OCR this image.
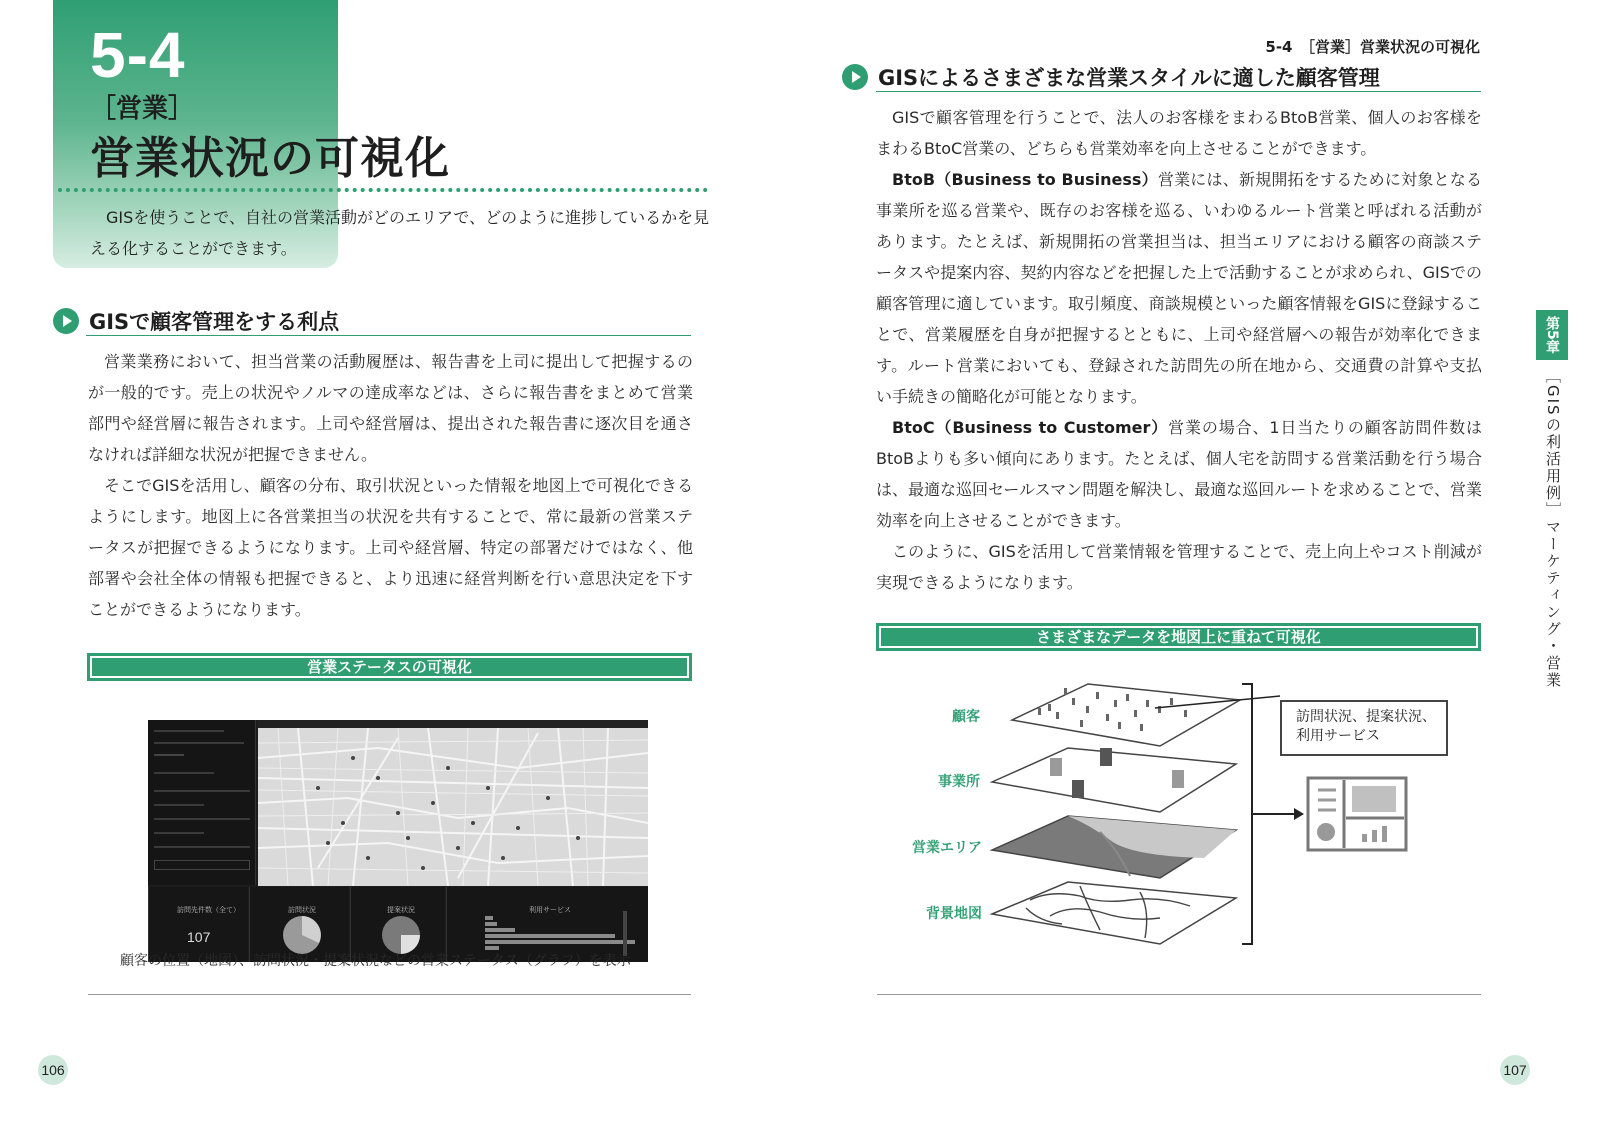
5-4
［営業］
営業状況の可視化
GISを使うことで、自社の営業活動がどのエリアで、どのように進捗しているかを見える化することができます。
GISで顧客管理をする利点

営業業務において、担当営業の活動履歴は、報告書を上司に提出して把握するのが一般的です。売上の状況やノルマの達成率などは、さらに報告書をまとめて営業部門や経営層に報告されます。上司や経営層は、提出された報告書に逐次目を通さなければ詳細な状況が把握できません。

そこでGISを活用し、顧客の分布、取引状況といった情報を地図上で可視化できるようにします。地図上に各営業担当の状況を共有することで、常に最新の営業ステータスが把握できるようになります。上司や経営層、特定の部署だけではなく、他部署や会社全体の情報も把握できると、より迅速に経営判断を行い意思決定を下すことができるようになります。

営業ステータスの可視化
訪問先件数（全て）
107
訪問状況	提案状況	利用サービス
顧客の位置（地図）、訪問状況・提案状況などの営業ステータス（グラフ）を表示
106
5-4　［営業］営業状況の可視化
GISによるさまざまな営業スタイルに適した顧客管理

GISで顧客管理を行うことで、法人のお客様をまわるBtoB営業、個人のお客様をまわるBtoC営業の、どちらも営業効率を向上させることができます。

BtoB（Business to Business）営業には、新規開拓をするために対象となる事業所を巡る営業や、既存のお客様を巡る、いわゆるルート営業と呼ばれる活動があります。たとえば、新規開拓の営業担当は、担当エリアにおける顧客の商談ステータスや提案内容、契約内容などを把握した上で活動することが求められ、GISでの顧客管理に適しています。取引頻度、商談規模といった顧客情報をGISに登録することで、営業履歴を自身が把握するとともに、上司や経営層への報告が効率化できます。ルート営業においても、登録された訪問先の所在地から、交通費の計算や支払い手続きの簡略化が可能となります。

BtoC（Business to Customer）営業の場合、1日当たりの顧客訪問件数はBtoBよりも多い傾向にあります。たとえば、個人宅を訪問する営業活動を行う場合は、最適な巡回セールスマン問題を解決し、最適な巡回ルートを求めることで、営業効率を向上させることができます。

このように、GISを活用して営業情報を管理することで、売上向上やコスト削減が実現できるようになります。

さまざまなデータを地図上に重ねて可視化
顧客
事業所
営業エリア
背景地図
訪問状況、提案状況、
利用サービス
第5章
［GISの利活用例］マーケティング・営業
107
